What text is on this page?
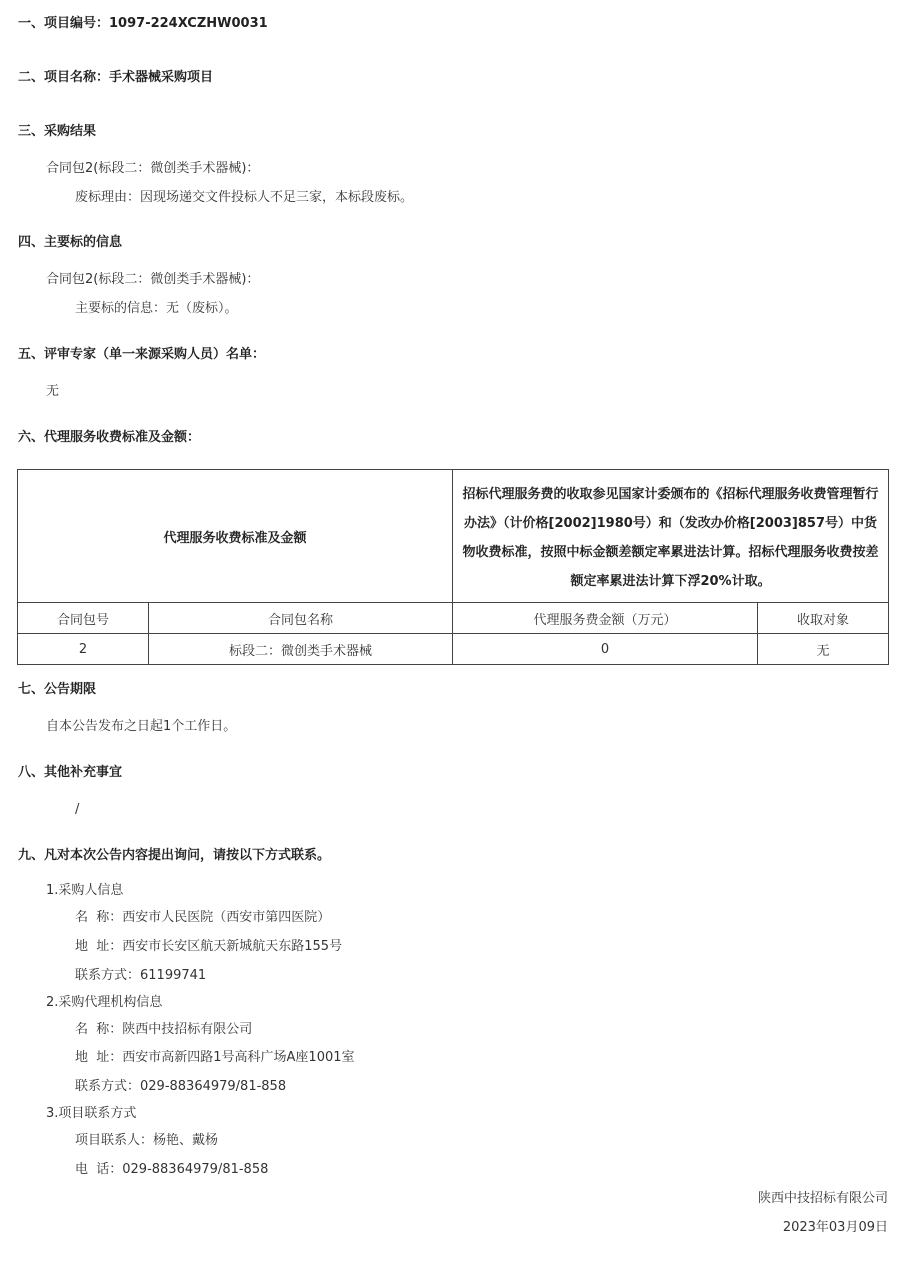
一、项目编号：1097-224XCZHW0031
二、项目名称：手术器械采购项目
三、采购结果
合同包2(标段二：微创类手术器械)：
废标理由：因现场递交文件投标人不足三家，本标段废标。
四、主要标的信息
合同包2(标段二：微创类手术器械)：
主要标的信息：无（废标）。
五、评审专家（单一来源采购人员）名单：
无
六、代理服务收费标准及金额：
代理服务收费标准及金额		招标代理服务费的收取参见国家计委颁布的《招标代理服务收费管理暂行办法》（计价格[2002]1980号）和（发改办价格[2003]857号）中货物收费标准，按照中标金额差额定率累进法计算。招标代理服务收费按差额定率累进法计算下浮20%计取。	
合同包号	合同包名称	代理服务费金额（万元）	收取对象
2	标段二：微创类手术器械	0	无
七、公告期限
自本公告发布之日起1个工作日。
八、其他补充事宜
/
九、凡对本次公告内容提出询问，请按以下方式联系。
1.采购人信息
名  称：西安市人民医院（西安市第四医院）
地  址：西安市长安区航天新城航天东路155号
联系方式：61199741
2.采购代理机构信息
名  称：陕西中技招标有限公司
地  址：西安市高新四路1号高科广场A座1001室
联系方式：029-88364979/81-858
3.项目联系方式
项目联系人：杨艳、戴杨
电  话：029-88364979/81-858
陕西中技招标有限公司
2023年03月09日
